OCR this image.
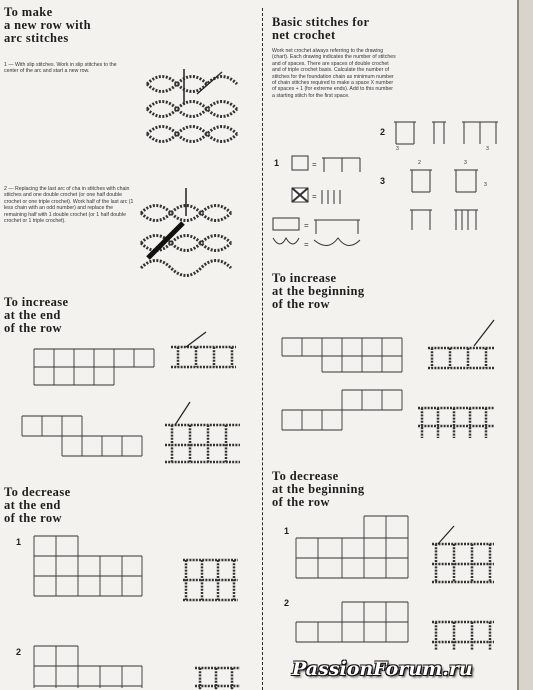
To make
a new row with
arc stitches
1 — With slip stitches. Work in slip stitches to the center of the arc and start a new row.
2 — Replacing the last arc of cha in stitches with chain stitches and one double crochet (or one half double crochet or one triple crochet). Work half of the last arc (1 less chain with an odd number) and replace the remaining half with 1 double crochet (or 1 half double crochet or 1 triple crochet).
To increase
at the end
of the row
To decrease
at the end
of the row
1
2
Basic stitches for
net crochet
Work net crochet always referring to the drawing (chart). Each drawing indicates the number of stitches and of spaces. There are spaces of double crochet and of triple crochet basis. Calculate the number of stitches for the foundation chain as minimum number of chain stitches required to make a space X number of spaces + 1 (for extreme ends). Add to this number a starting stitch for the first space.
1	=
=
=
=
2
3	3
3
2	3
3
To increase
at the beginning
of the row
To decrease
at the beginning
of the row
1
2
PassionForum.ru
